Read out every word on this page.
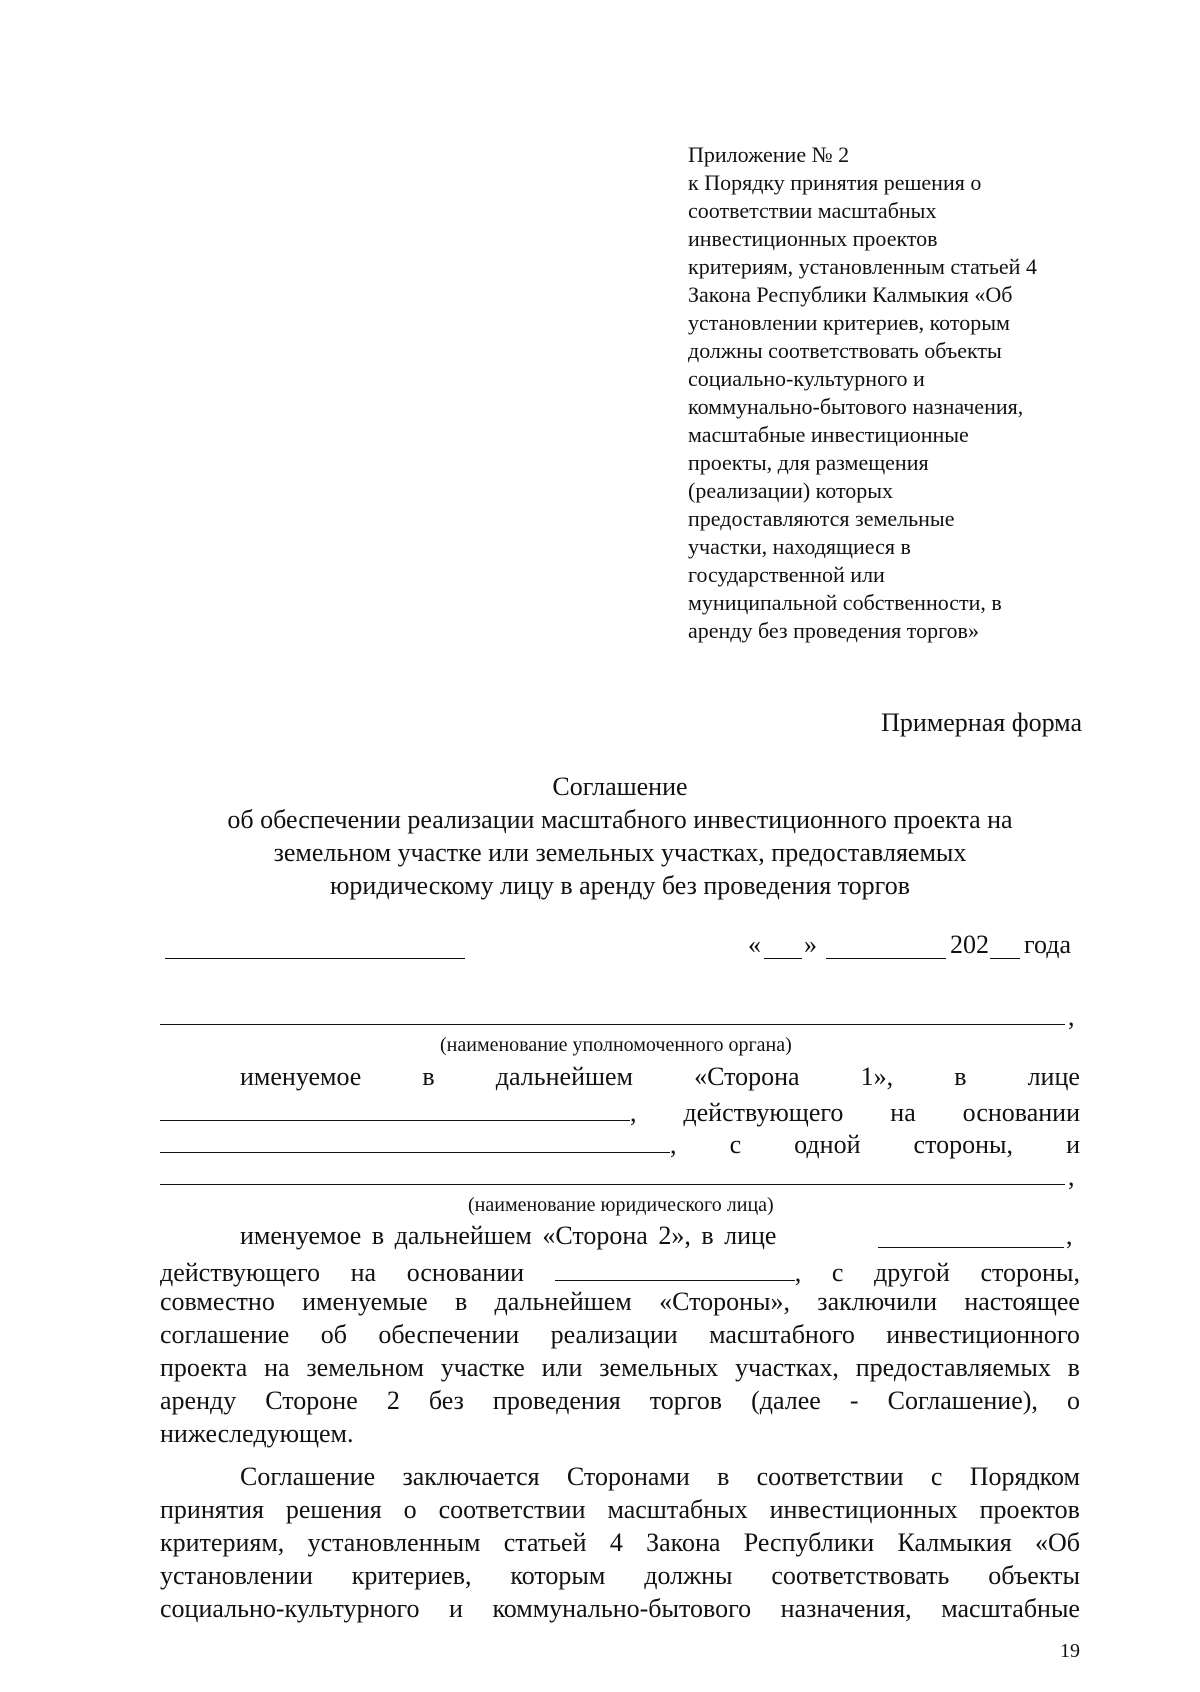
Приложение № 2
к Порядку принятия решения о
соответствии масштабных
инвестиционных проектов
критериям, установленным статьей 4
Закона Республики Калмыкия «Об
установлении критериев, которым
должны соответствовать объекты
социально-культурного и
коммунально-бытового назначения,
масштабные инвестиционные
проекты, для размещения
(реализации) которых
предоставляются земельные
участки, находящиеся в
государственной или
муниципальной собственности, в
аренду без проведения торгов»
Примерная форма
Соглашение
об обеспечении реализации масштабного инвестиционного проекта на
земельном участке или земельных участках, предоставляемых
юридическому лицу в аренду без проведения торгов
« »	202 года
,
(наименование уполномоченного органа)
именуемое в дальнейшем «Сторона 1», в лице
, действующего на основании
, с одной стороны, и
,
(наименование юридического лица)
именуемое в дальнейшем «Сторона 2», в лице	,
действующего на основании	, с другой стороны,
совместно именуемые в дальнейшем «Стороны», заключили настоящее
соглашение об обеспечении реализации масштабного инвестиционного
проекта на земельном участке или земельных участках, предоставляемых в
аренду Стороне 2 без проведения торгов (далее - Соглашение), о
нижеследующем.
Соглашение заключается Сторонами в соответствии с Порядком
принятия решения о соответствии масштабных инвестиционных проектов
критериям, установленным статьей 4 Закона Республики Калмыкия «Об
установлении критериев, которым должны соответствовать объекты
социально-культурного и коммунально-бытового назначения, масштабные
19
